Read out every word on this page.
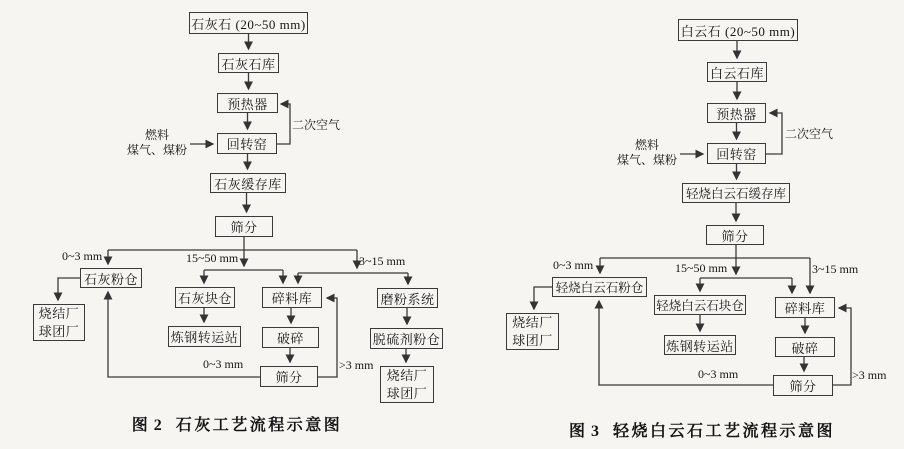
石灰石 (20~50 mm)
石灰石库
预热器
回转窑
石灰缓存库
筛分
石灰粉仓
烧结厂
球团厂
石灰块仓
炼钢转运站
碎料库
破碎
筛分
磨粉系统
脱硫剂粉仓
烧结厂
球团厂
二次空气
燃料
煤气、煤粉
0~3 mm	15~50 mm	3~15 mm
0~3 mm	>3 mm
图 2 石灰工艺流程示意图
白云石 (20~50 mm)
白云石库
预热器
回转窑
轻烧白云石缓存库
筛分
轻烧白云石粉仓
烧结厂
球团厂
轻烧白云石块仓
炼钢转运站
碎料库
破碎
筛分
二次空气
燃料
煤气、煤粉
0~3 mm	15~50 mm	3~15 mm
0~3 mm	>3 mm
图 3 轻烧白云石工艺流程示意图
